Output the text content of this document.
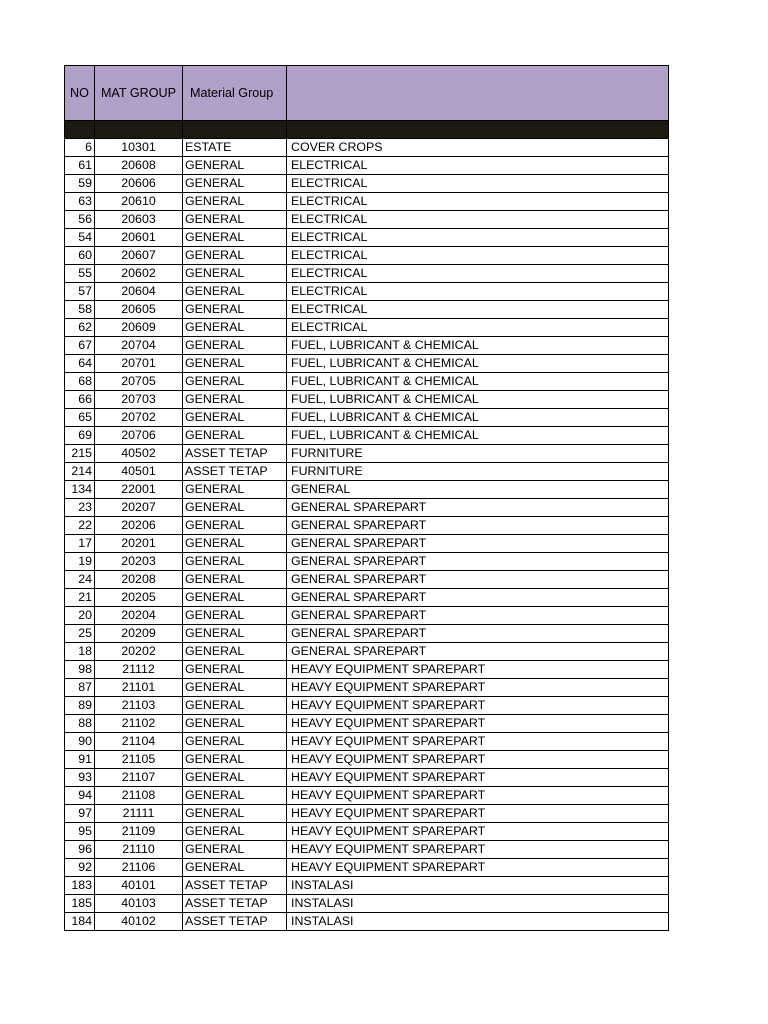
NO	MAT GROUP	Material Group	

6	10301	ESTATE	COVER CROPS
61	20608	GENERAL	ELECTRICAL
59	20606	GENERAL	ELECTRICAL
63	20610	GENERAL	ELECTRICAL
56	20603	GENERAL	ELECTRICAL
54	20601	GENERAL	ELECTRICAL
60	20607	GENERAL	ELECTRICAL
55	20602	GENERAL	ELECTRICAL
57	20604	GENERAL	ELECTRICAL
58	20605	GENERAL	ELECTRICAL
62	20609	GENERAL	ELECTRICAL
67	20704	GENERAL	FUEL, LUBRICANT & CHEMICAL
64	20701	GENERAL	FUEL, LUBRICANT & CHEMICAL
68	20705	GENERAL	FUEL, LUBRICANT & CHEMICAL
66	20703	GENERAL	FUEL, LUBRICANT & CHEMICAL
65	20702	GENERAL	FUEL, LUBRICANT & CHEMICAL
69	20706	GENERAL	FUEL, LUBRICANT & CHEMICAL
215	40502	ASSET TETAP	FURNITURE
214	40501	ASSET TETAP	FURNITURE
134	22001	GENERAL	GENERAL
23	20207	GENERAL	GENERAL SPAREPART
22	20206	GENERAL	GENERAL SPAREPART
17	20201	GENERAL	GENERAL SPAREPART
19	20203	GENERAL	GENERAL SPAREPART
24	20208	GENERAL	GENERAL SPAREPART
21	20205	GENERAL	GENERAL SPAREPART
20	20204	GENERAL	GENERAL SPAREPART
25	20209	GENERAL	GENERAL SPAREPART
18	20202	GENERAL	GENERAL SPAREPART
98	21112	GENERAL	HEAVY EQUIPMENT SPAREPART
87	21101	GENERAL	HEAVY EQUIPMENT SPAREPART
89	21103	GENERAL	HEAVY EQUIPMENT SPAREPART
88	21102	GENERAL	HEAVY EQUIPMENT SPAREPART
90	21104	GENERAL	HEAVY EQUIPMENT SPAREPART
91	21105	GENERAL	HEAVY EQUIPMENT SPAREPART
93	21107	GENERAL	HEAVY EQUIPMENT SPAREPART
94	21108	GENERAL	HEAVY EQUIPMENT SPAREPART
97	21111	GENERAL	HEAVY EQUIPMENT SPAREPART
95	21109	GENERAL	HEAVY EQUIPMENT SPAREPART
96	21110	GENERAL	HEAVY EQUIPMENT SPAREPART
92	21106	GENERAL	HEAVY EQUIPMENT SPAREPART
183	40101	ASSET TETAP	INSTALASI
185	40103	ASSET TETAP	INSTALASI
184	40102	ASSET TETAP	INSTALASI
